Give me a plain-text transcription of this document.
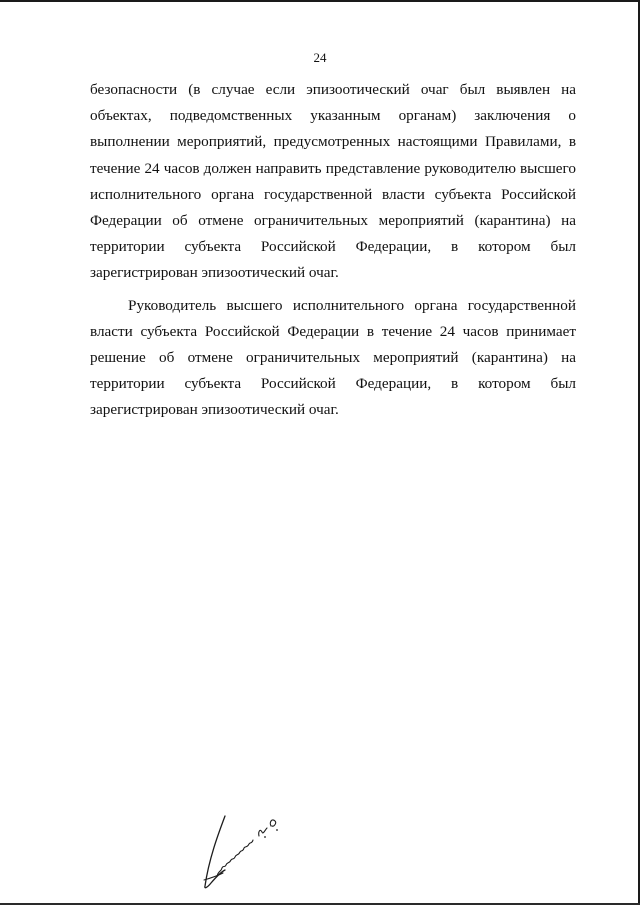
24

безопасности (в случае если эпизоотический очаг был выявлен на объектах, подведомственных указанным органам) заключения о выполнении мероприятий, предусмотренных настоящими Правилами, в течение 24 часов должен направить представление руководителю высшего исполнительного органа государственной власти субъекта Российской Федерации об отмене ограничительных мероприятий (карантина) на территории субъекта Российской Федерации, в котором был зарегистрирован эпизоотический очаг.

Руководитель высшего исполнительного органа государственной власти субъекта Российской Федерации в течение 24 часов принимает решение об отмене ограничительных мероприятий (карантина) на территории субъекта Российской Федерации, в котором был зарегистрирован эпизоотический очаг.
